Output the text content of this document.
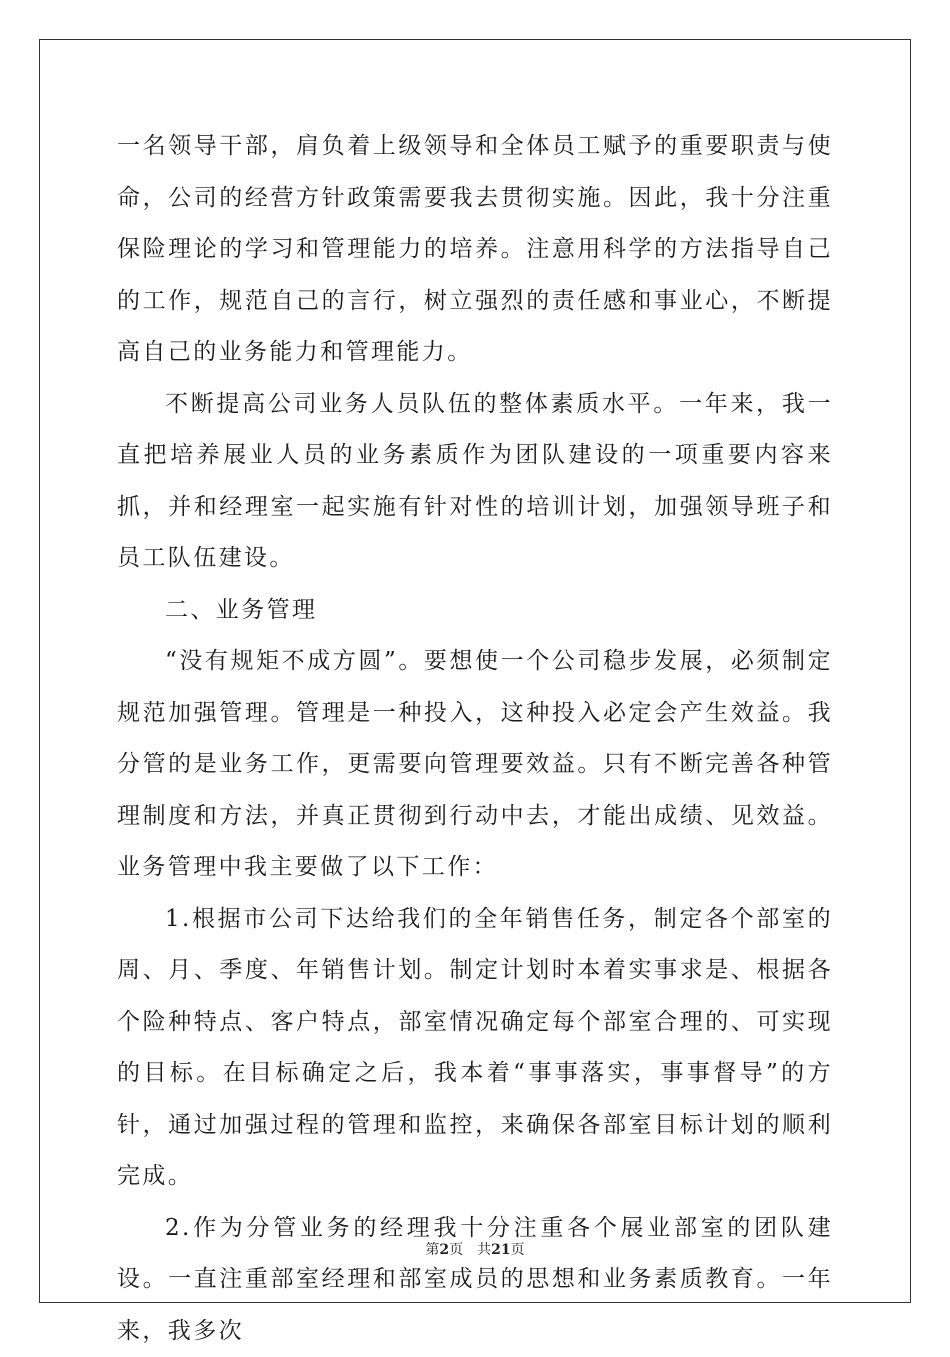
一名领导干部，肩负着上级领导和全体员工赋予的重要职责与使命，公司的经营方针政策需要我去贯彻实施。因此，我十分注重保险理论的学习和管理能力的培养。注意用科学的方法指导自己的工作，规范自己的言行，树立强烈的责任感和事业心，不断提高自己的业务能力和管理能力。

不断提高公司业务人员队伍的整体素质水平。一年来，我一直把培养展业人员的业务素质作为团队建设的一项重要内容来抓，并和经理室一起实施有针对性的培训计划，加强领导班子和员工队伍建设。

二、业务管理

“没有规矩不成方圆”。要想使一个公司稳步发展，必须制定规范加强管理。管理是一种投入，这种投入必定会产生效益。我分管的是业务工作，更需要向管理要效益。只有不断完善各种管理制度和方法，并真正贯彻到行动中去，才能出成绩、见效益。业务管理中我主要做了以下工作：

1.根据市公司下达给我们的全年销售任务，制定各个部室的周、月、季度、年销售计划。制定计划时本着实事求是、根据各个险种特点、客户特点，部室情况确定每个部室合理的、可实现的目标。在目标确定之后，我本着“事事落实，事事督导”的方针，通过加强过程的管理和监控，来确保各部室目标计划的顺利完成。

2.作为分管业务的经理我十分注重各个展业部室的团队建设。一直注重部室经理和部室成员的思想和业务素质教育。一年来，我多次

第2页 共21页
